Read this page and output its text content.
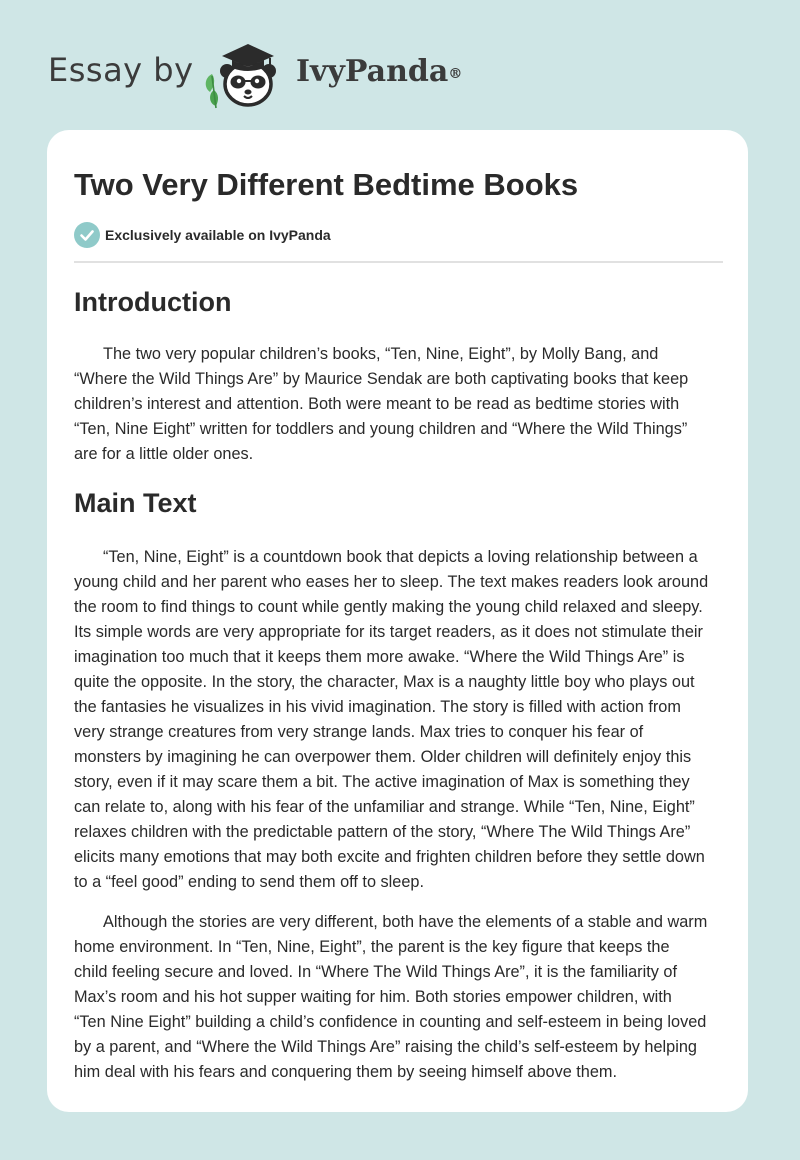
Essay by	IvyPanda®
Two Very Different Bedtime Books
Exclusively available on IvyPanda
Introduction

The two very popular children’s books, “Ten, Nine, Eight”, by Molly Bang, and
“Where the Wild Things Are” by Maurice Sendak are both captivating books that keep
children’s interest and attention. Both were meant to be read as bedtime stories with
“Ten, Nine Eight” written for toddlers and young children and “Where the Wild Things”
are for a little older ones.

Main Text

“Ten, Nine, Eight” is a countdown book that depicts a loving relationship between a
young child and her parent who eases her to sleep. The text makes readers look around
the room to find things to count while gently making the young child relaxed and sleepy.
Its simple words are very appropriate for its target readers, as it does not stimulate their
imagination too much that it keeps them more awake. “Where the Wild Things Are” is
quite the opposite. In the story, the character, Max is a naughty little boy who plays out
the fantasies he visualizes in his vivid imagination. The story is filled with action from
very strange creatures from very strange lands. Max tries to conquer his fear of
monsters by imagining he can overpower them. Older children will definitely enjoy this
story, even if it may scare them a bit. The active imagination of Max is something they
can relate to, along with his fear of the unfamiliar and strange. While “Ten, Nine, Eight”
relaxes children with the predictable pattern of the story, “Where The Wild Things Are”
elicits many emotions that may both excite and frighten children before they settle down
to a “feel good” ending to send them off to sleep.

Although the stories are very different, both have the elements of a stable and warm
home environment. In “Ten, Nine, Eight”, the parent is the key figure that keeps the
child feeling secure and loved. In “Where The Wild Things Are”, it is the familiarity of
Max’s room and his hot supper waiting for him. Both stories empower children, with
“Ten Nine Eight” building a child’s confidence in counting and self-esteem in being loved
by a parent, and “Where the Wild Things Are” raising the child’s self-esteem by helping
him deal with his fears and conquering them by seeing himself above them.
